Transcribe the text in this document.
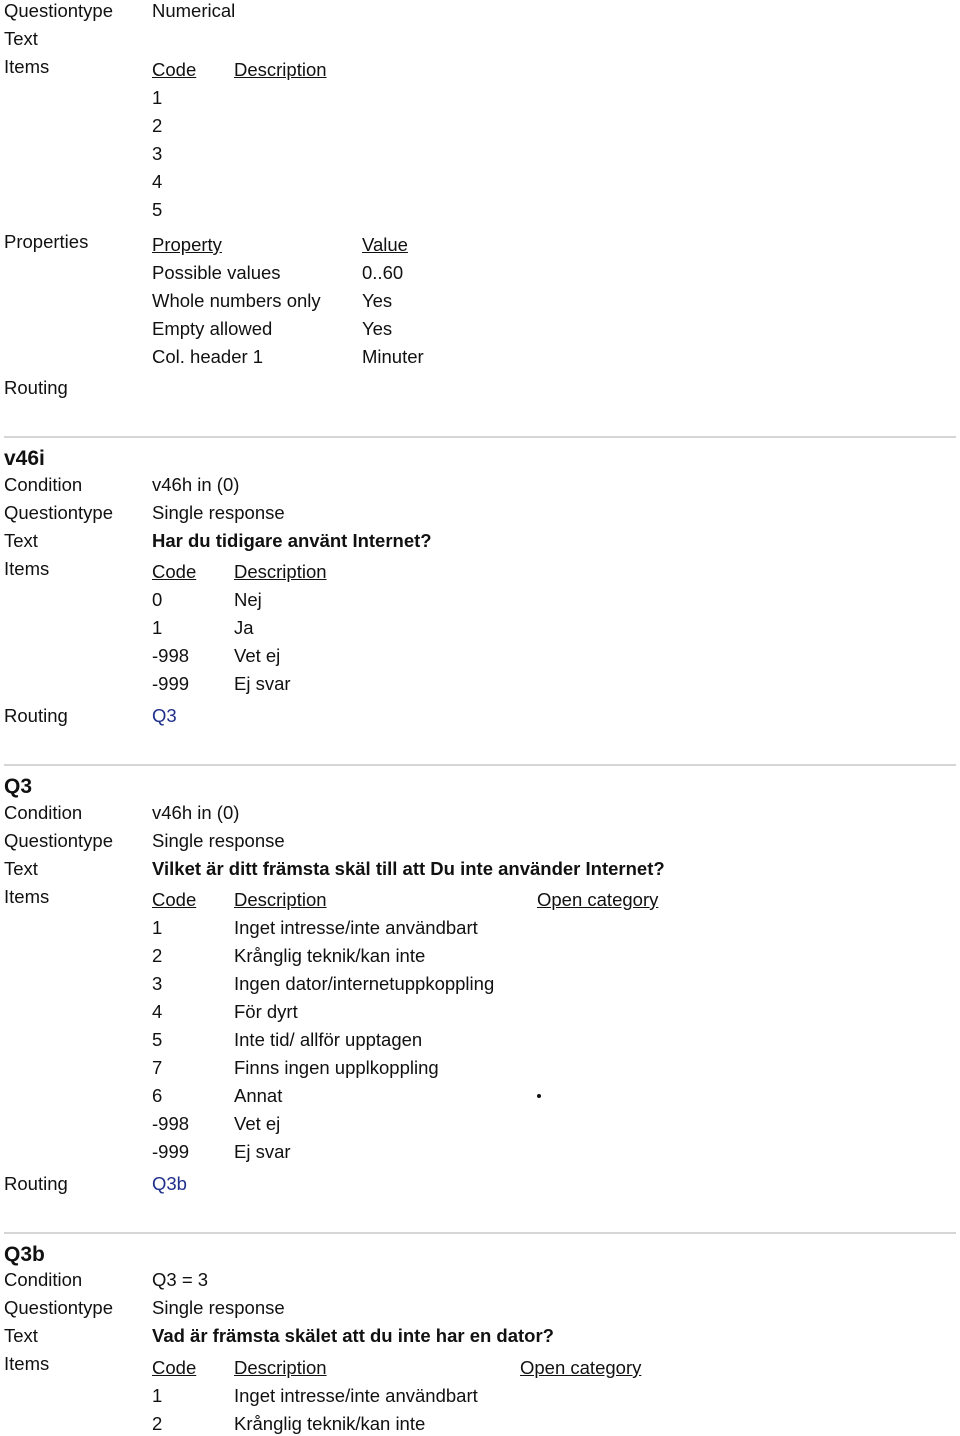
Questiontype Numerical
Text
Items	Code Description
1
2
3
4
5
Properties	Property	Value
Possible values	0..60
Whole numbers only Yes
Empty allowed	Yes
Col. header 1	Minuter
Routing
v46i
Condition	v46h in (0)
Questiontype Single response
Text	Har du tidigare använt Internet?
Items	Code Description
0	Nej
1	Ja
-998 Vet ej
-999 Ej svar
Routing	Q3
Q3
Condition	v46h in (0)
Questiontype Single response
Text	Vilket är ditt främsta skäl till att Du inte använder Internet?
Items	Code Description	Open category
1	Inget intresse/inte användbart
2	Krånglig teknik/kan inte
3	Ingen dator/internetuppkoppling
4	För dyrt
5	Inte tid/ allför upptagen
7	Finns ingen upplkoppling
6	Annat
-998 Vet ej
-999 Ej svar
Routing	Q3b
Q3b
Condition	Q3 = 3
Questiontype Single response
Text	Vad är främsta skälet att du inte har en dator?
Items	Code Description	Open category
1	Inget intresse/inte användbart
2	Krånglig teknik/kan inte
